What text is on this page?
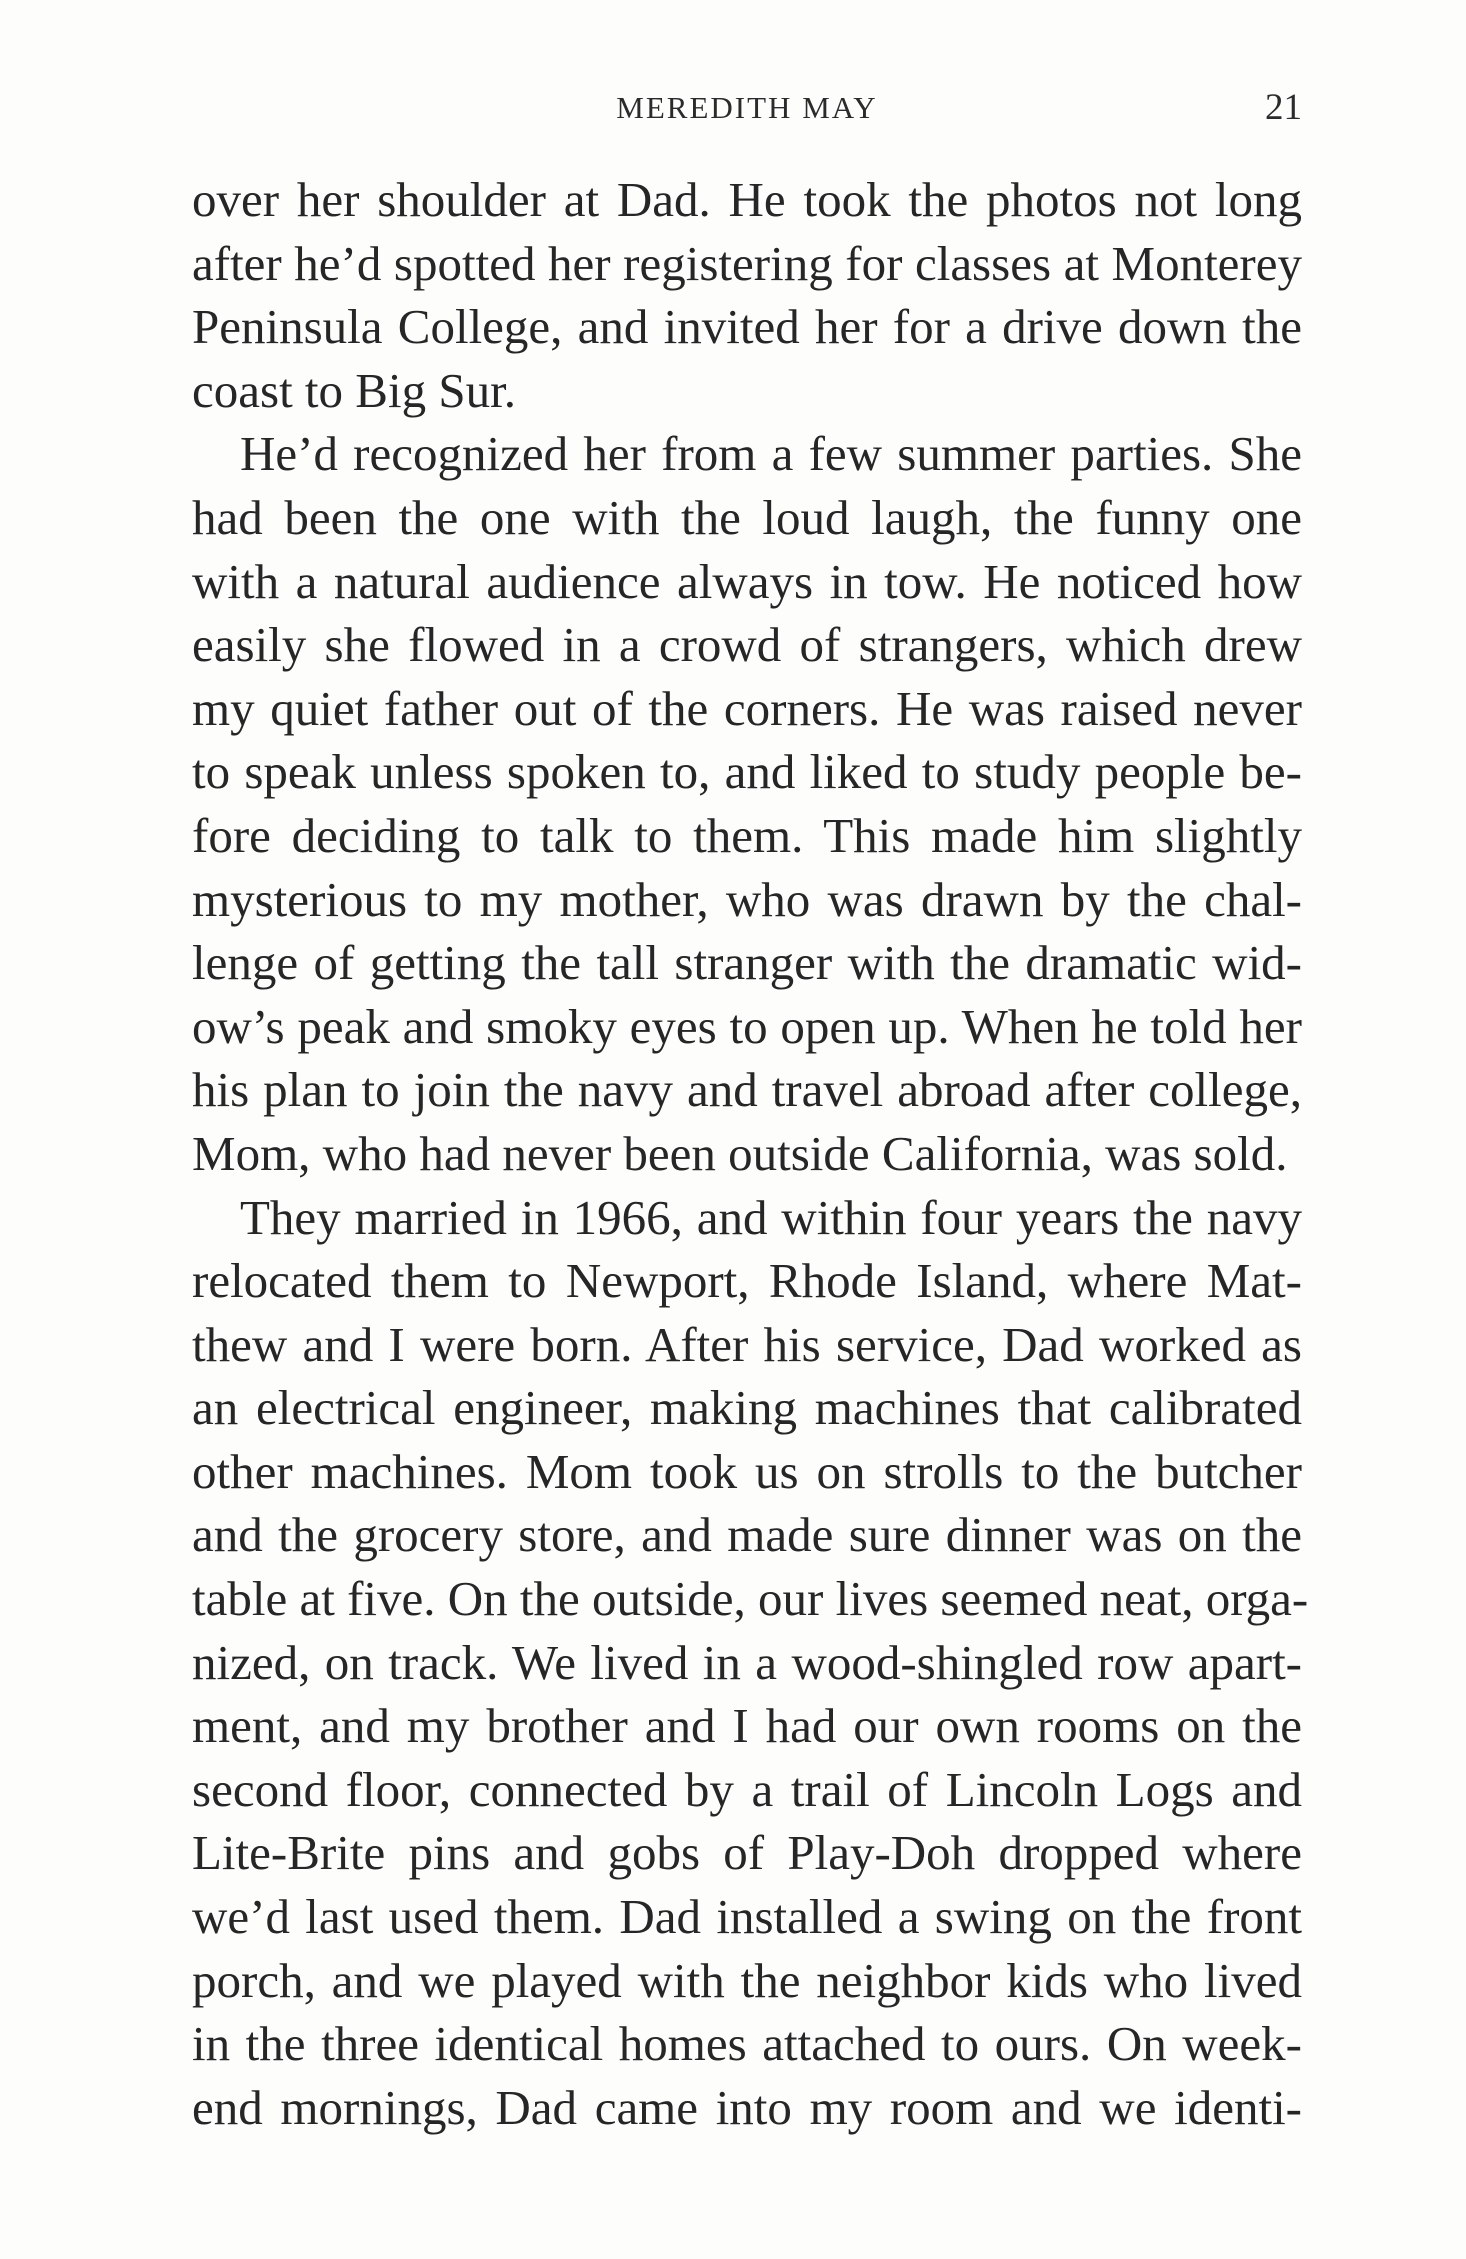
MEREDITH MAY	21
over her shoulder at Dad. He took the photos not long
after he’d spotted her registering for classes at Monterey
Peninsula College, and invited her for a drive down the
coast to Big Sur.
He’d recognized her from a few summer parties. She
had been the one with the loud laugh, the funny one
with a natural audience always in tow. He noticed how
easily she flowed in a crowd of strangers, which drew
my quiet father out of the corners. He was raised never
to speak unless spoken to, and liked to study people be-
fore deciding to talk to them. This made him slightly
mysterious to my mother, who was drawn by the chal-
lenge of getting the tall stranger with the dramatic wid-
ow’s peak and smoky eyes to open up. When he told her
his plan to join the navy and travel abroad after college,
Mom, who had never been outside California, was sold.
They married in 1966, and within four years the navy
relocated them to Newport, Rhode Island, where Mat-
thew and I were born. After his service, Dad worked as
an electrical engineer, making machines that calibrated
other machines. Mom took us on strolls to the butcher
and the grocery store, and made sure dinner was on the
table at five. On the outside, our lives seemed neat, orga-
nized, on track. We lived in a wood-shingled row apart-
ment, and my brother and I had our own rooms on the
second floor, connected by a trail of Lincoln Logs and
Lite-Brite pins and gobs of Play-Doh dropped where
we’d last used them. Dad installed a swing on the front
porch, and we played with the neighbor kids who lived
in the three identical homes attached to ours. On week-
end mornings, Dad came into my room and we identi-
